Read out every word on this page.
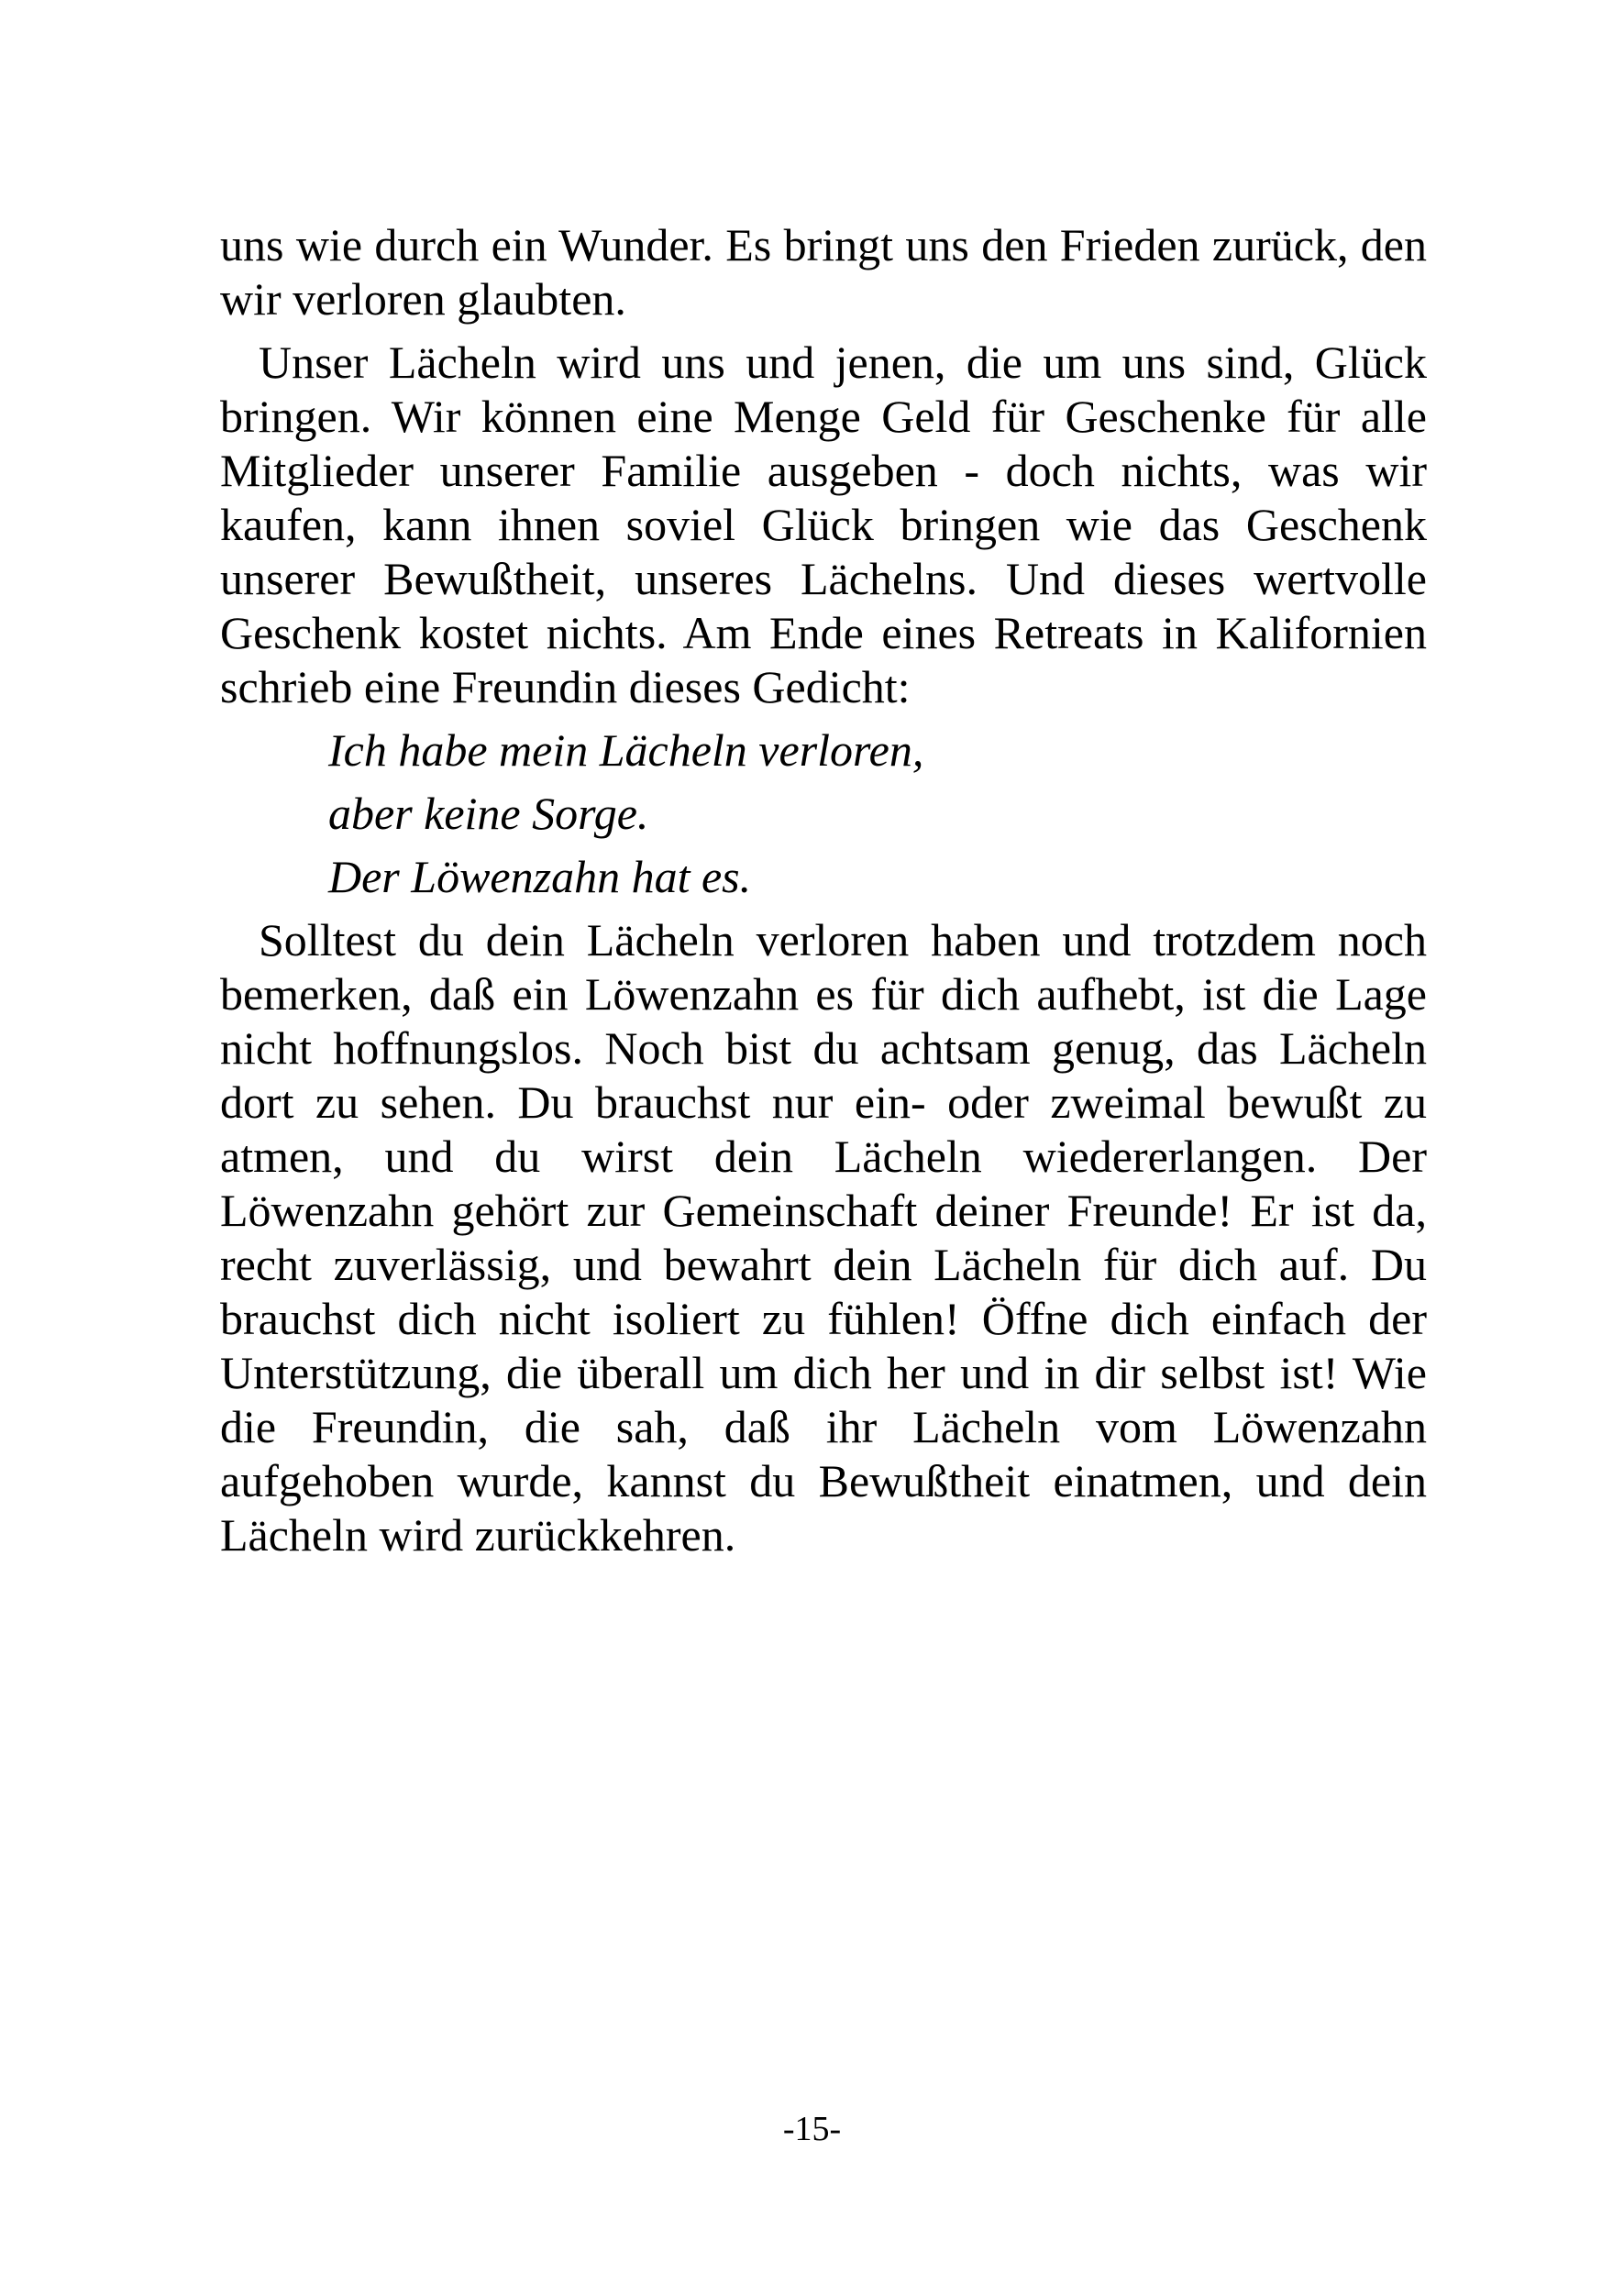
uns wie durch ein Wunder. Es bringt uns den Frieden zurück, den wir verloren glaubten.

Unser Lächeln wird uns und jenen, die um uns sind, Glück bringen. Wir können eine Menge Geld für Geschenke für alle Mitglieder unserer Familie ausgeben - doch nichts, was wir kaufen, kann ihnen soviel Glück bringen wie das Geschenk unserer Bewußtheit, unseres Lächelns. Und dieses wertvolle Geschenk kostet nichts. Am Ende eines Retreats in Kalifornien schrieb eine Freundin dieses Gedicht:

Ich habe mein Lächeln verloren,
aber keine Sorge.
Der Löwenzahn hat es.

Solltest du dein Lächeln verloren haben und trotzdem noch bemerken, daß ein Löwenzahn es für dich aufhebt, ist die Lage nicht hoffnungslos. Noch bist du achtsam genug, das Lächeln dort zu sehen. Du brauchst nur ein- oder zweimal bewußt zu atmen, und du wirst dein Lächeln wiedererlangen. Der Löwenzahn gehört zur Gemeinschaft deiner Freunde! Er ist da, recht zuverlässig, und bewahrt dein Lächeln für dich auf. Du brauchst dich nicht isoliert zu fühlen! Öffne dich einfach der Unterstützung, die überall um dich her und in dir selbst ist! Wie die Freundin, die sah, daß ihr Lächeln vom Löwenzahn aufgehoben wurde, kannst du Bewußtheit einatmen, und dein Lächeln wird zurückkehren.

-15-
